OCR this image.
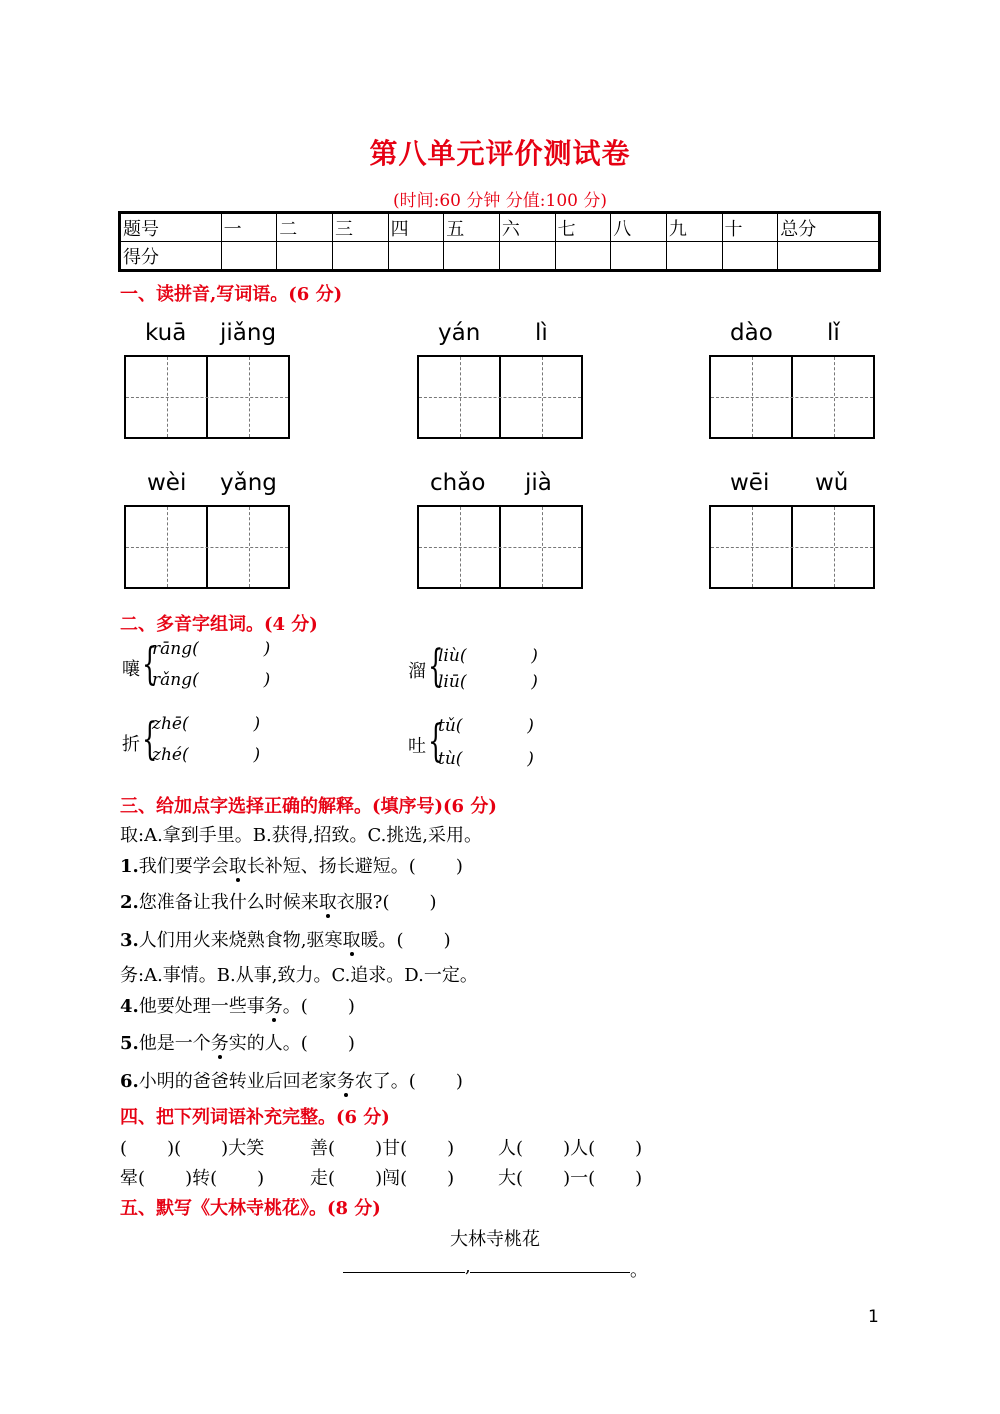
第八单元评价测试卷
(时间:60 分钟 分值:100 分)
题号	一	二	三	四	五	六	七	八	九	十	总分
得分											
一、读拼音,写词语。(6 分)
kuā jiǎng	yán lì	dào lǐ
wèi yǎng	chǎo jià	wēi wǔ
二、多音字组词。(4 分)
嚷 {
rāng(            )
rǎng(            )	溜 {
liù(            )
liū(            )
折 {
zhē(            )
zhé(            )	吐 {
tǔ(            )
tù(            )
三、给加点字选择正确的解释。(填序号)(6 分)
取:A.拿到手里。B.获得,招致。C.挑选,采用。
1.我们要学会取长补短、扬长避短。(       )
2.您准备让我什么时候来取衣服?(       )
3.人们用火来烧熟食物,驱寒取暖。(       )
务:A.事情。B.从事,致力。C.追求。D.一定。
4.他要处理一些事务。(       )
5.他是一个务实的人。(       )
6.小明的爸爸转业后回老家务农了。(       )
四、把下列词语补充完整。(6 分)
(       )(       )大笑	善(       )甘(       ) 人(       )人(       )
晕(       )转(       )	走(       )闯(       ) 大(       )一(       )
五、默写《大林寺桃花》。(8 分)
大林寺桃花
,	。
1
